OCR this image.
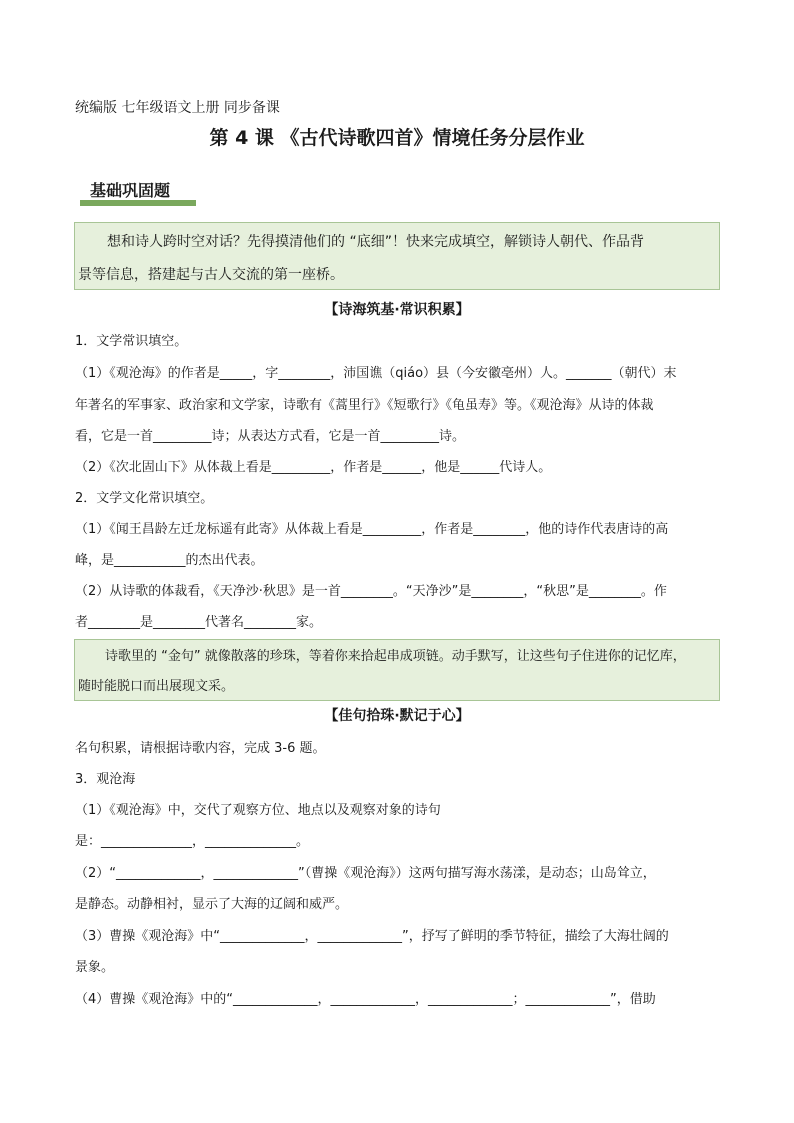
统编版 七年级语文上册 同步备课
第 4 课 《古代诗歌四首》情境任务分层作业
基础巩固题
想和诗人跨时空对话？先得摸清他们的 “底细”！快来完成填空，解锁诗人朝代、作品背
景等信息，搭建起与古人交流的第一座桥。
【诗海筑基·常识积累】
1．文学常识填空。
（1）《观沧海》的作者是_____，字________，沛国谯（qiáo）县（今安徽亳州）人。_______（朝代）末
年著名的军事家、政治家和文学家，诗歌有《蒿里行》《短歌行》《龟虽寿》等。《观沧海》从诗的体裁
看，它是一首_________诗；从表达方式看，它是一首_________诗。
（2）《次北固山下》从体裁上看是_________，作者是______，他是______代诗人。
2．文学文化常识填空。
（1）《闻王昌龄左迁龙标遥有此寄》从体裁上看是_________，作者是________，他的诗作代表唐诗的高
峰，是___________的杰出代表。
（2）从诗歌的体裁看，《天净沙·秋思》是一首________。“天净沙”是________，“秋思”是________。作
者________是________代著名________家。
诗歌里的 “金句” 就像散落的珍珠，等着你来拾起串成项链。动手默写，让这些句子住进你的记忆库，
随时能脱口而出展现文采。
【佳句拾珠·默记于心】
名句积累，请根据诗歌内容，完成 3-6 题。
3．观沧海
（1）《观沧海》中，交代了观察方位、地点以及观察对象的诗句
是：______________，______________。
（2）“_____________，_____________”（曹操《观沧海》）这两句描写海水荡漾，是动态；山岛耸立，
是静态。动静相衬，显示了大海的辽阔和威严。
（3）曹操《观沧海》中“_____________，_____________”，抒写了鲜明的季节特征，描绘了大海壮阔的
景象。
（4）曹操《观沧海》中的“_____________，_____________，_____________；_____________”，借助
